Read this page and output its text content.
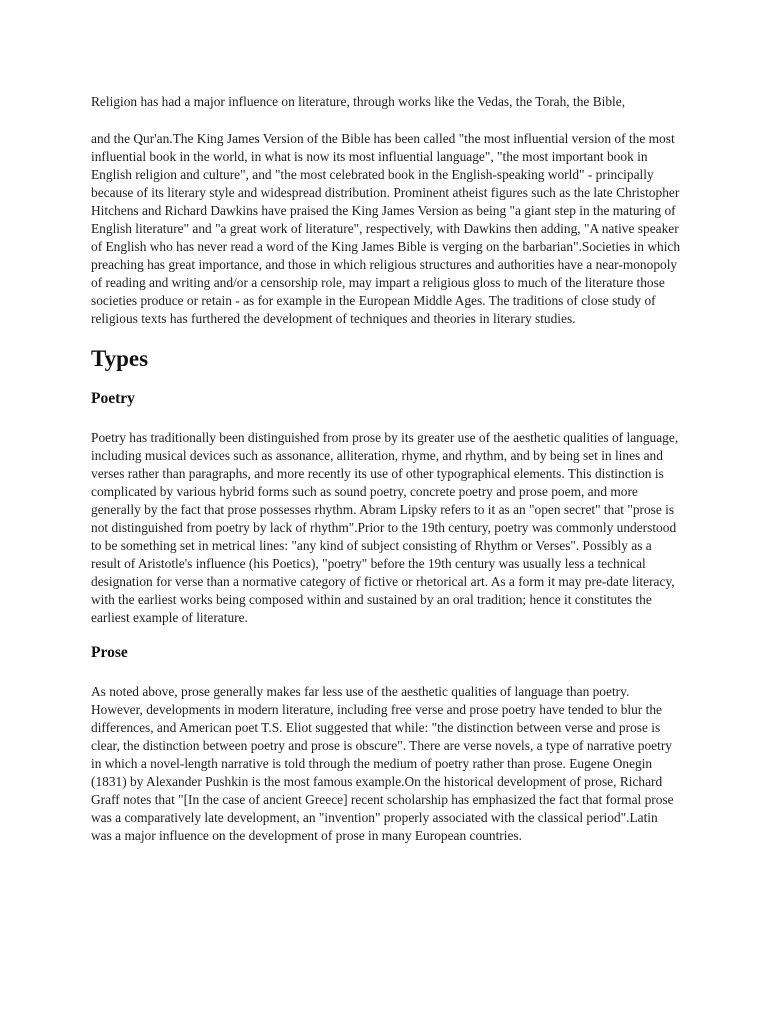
Religion has had a major influence on literature, through works like the Vedas, the Torah, the Bible,

and the Qur'an.The King James Version of the Bible has been called "the most influential version of the most influential book in the world, in what is now its most influential language", "the most important book in English religion and culture", and "the most celebrated book in the English-speaking world" - principally because of its literary style and widespread distribution. Prominent atheist figures such as the late Christopher Hitchens and Richard Dawkins have praised the King James Version as being "a giant step in the maturing of English literature" and "a great work of literature", respectively, with Dawkins then adding, "A native speaker of English who has never read a word of the King James Bible is verging on the barbarian".Societies in which preaching has great importance, and those in which religious structures and authorities have a near-monopoly of reading and writing and/or a censorship role, may impart a religious gloss to much of the literature those societies produce or retain - as for example in the European Middle Ages. The traditions of close study of religious texts has furthered the development of techniques and theories in literary studies.

Types
Poetry

Poetry has traditionally been distinguished from prose by its greater use of the aesthetic qualities of language, including musical devices such as assonance, alliteration, rhyme, and rhythm, and by being set in lines and verses rather than paragraphs, and more recently its use of other typographical elements. This distinction is complicated by various hybrid forms such as sound poetry, concrete poetry and prose poem, and more generally by the fact that prose possesses rhythm. Abram Lipsky refers to it as an "open secret" that "prose is not distinguished from poetry by lack of rhythm".Prior to the 19th century, poetry was commonly understood to be something set in metrical lines: "any kind of subject consisting of Rhythm or Verses". Possibly as a result of Aristotle's influence (his Poetics), "poetry" before the 19th century was usually less a technical designation for verse than a normative category of fictive or rhetorical art. As a form it may pre-date literacy, with the earliest works being composed within and sustained by an oral tradition; hence it constitutes the earliest example of literature.

Prose

As noted above, prose generally makes far less use of the aesthetic qualities of language than poetry. However, developments in modern literature, including free verse and prose poetry have tended to blur the differences, and American poet T.S. Eliot suggested that while: "the distinction between verse and prose is clear, the distinction between poetry and prose is obscure". There are verse novels, a type of narrative poetry in which a novel-length narrative is told through the medium of poetry rather than prose. Eugene Onegin (1831) by Alexander Pushkin is the most famous example.On the historical development of prose, Richard Graff notes that "[In the case of ancient Greece] recent scholarship has emphasized the fact that formal prose was a comparatively late development, an "invention" properly associated with the classical period".Latin was a major influence on the development of prose in many European countries.
